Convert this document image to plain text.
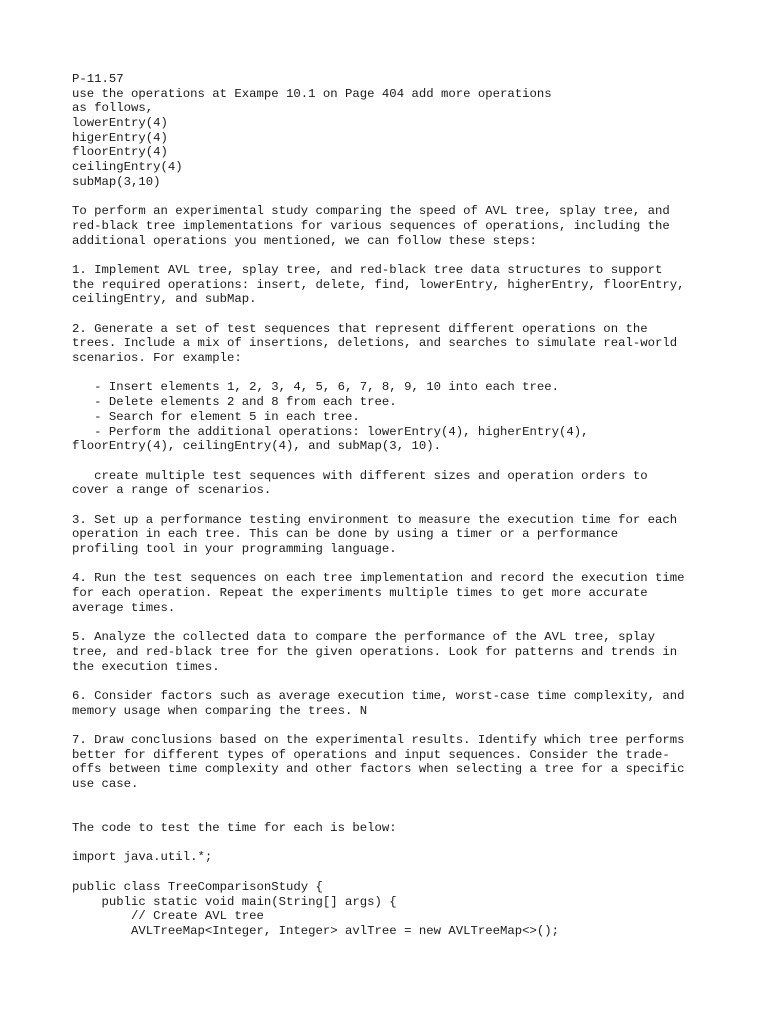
P-11.57
use the operations at Exampe 10.1 on Page 404 add more operations
as follows,
lowerEntry(4)
higerEntry(4)
floorEntry(4)
ceilingEntry(4)
subMap(3,10)
To perform an experimental study comparing the speed of AVL tree, splay tree, and
red-black tree implementations for various sequences of operations, including the
additional operations you mentioned, we can follow these steps:
1. Implement AVL tree, splay tree, and red-black tree data structures to support
the required operations: insert, delete, find, lowerEntry, higherEntry, floorEntry,
ceilingEntry, and subMap.
2. Generate a set of test sequences that represent different operations on the
trees. Include a mix of insertions, deletions, and searches to simulate real-world
scenarios. For example:
- Insert elements 1, 2, 3, 4, 5, 6, 7, 8, 9, 10 into each tree.
- Delete elements 2 and 8 from each tree.
- Search for element 5 in each tree.
- Perform the additional operations: lowerEntry(4), higherEntry(4),
floorEntry(4), ceilingEntry(4), and subMap(3, 10).
create multiple test sequences with different sizes and operation orders to
cover a range of scenarios.
3. Set up a performance testing environment to measure the execution time for each
operation in each tree. This can be done by using a timer or a performance
profiling tool in your programming language.
4. Run the test sequences on each tree implementation and record the execution time
for each operation. Repeat the experiments multiple times to get more accurate
average times.
5. Analyze the collected data to compare the performance of the AVL tree, splay
tree, and red-black tree for the given operations. Look for patterns and trends in
the execution times.
6. Consider factors such as average execution time, worst-case time complexity, and
memory usage when comparing the trees. N
7. Draw conclusions based on the experimental results. Identify which tree performs
better for different types of operations and input sequences. Consider the trade-
offs between time complexity and other factors when selecting a tree for a specific
use case.
The code to test the time for each is below:
import java.util.*;
public class TreeComparisonStudy {
public static void main(String[] args) {
// Create AVL tree
AVLTreeMap<Integer, Integer> avlTree = new AVLTreeMap<>();
